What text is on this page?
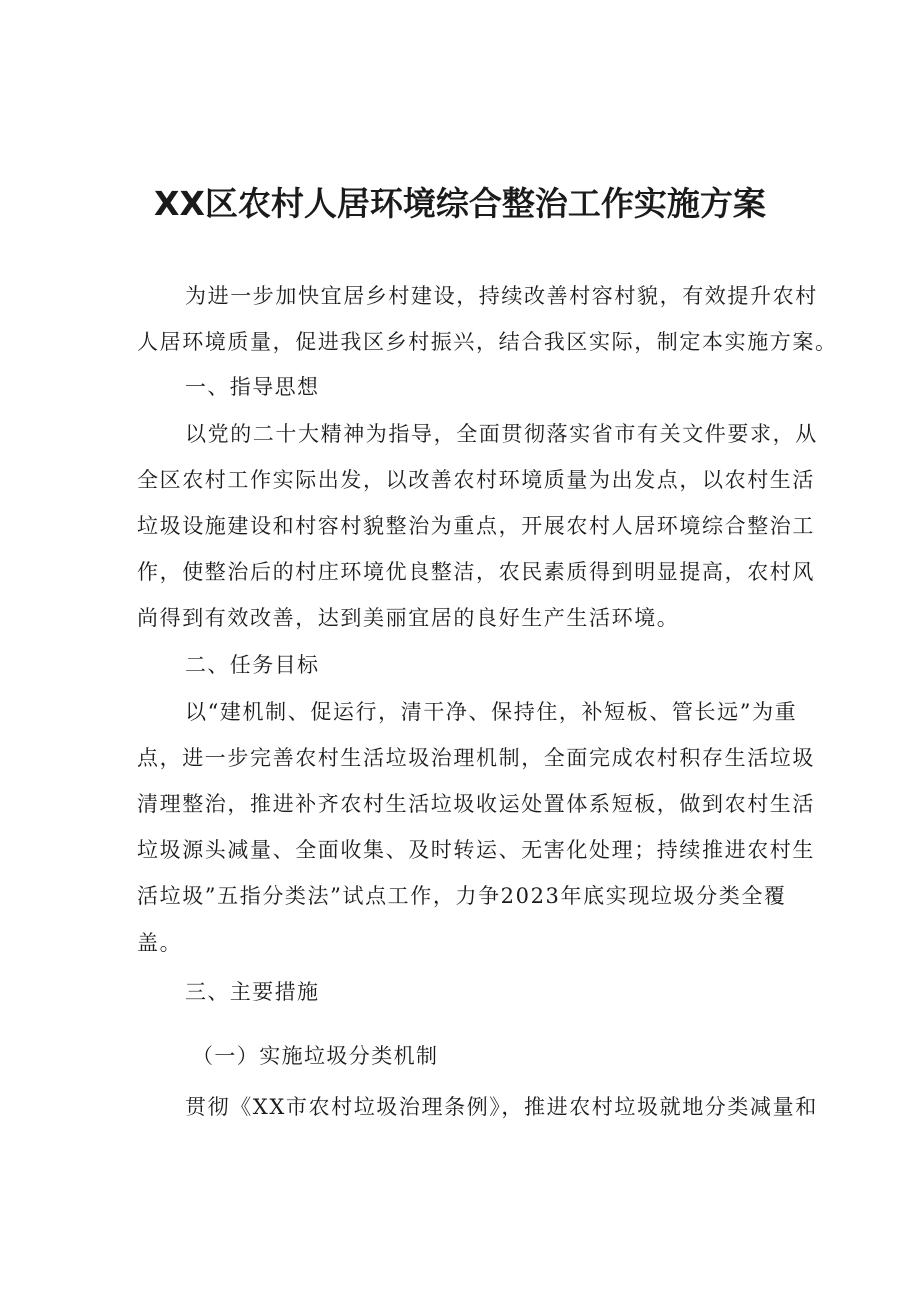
XX区农村人居环境综合整治工作实施方案

为进一步加快宜居乡村建设，持续改善村容村貌，有效提升农村

人居环境质量，促进我区乡村振兴，结合我区实际，制定本实施方案。

一、指导思想

以党的二十大精神为指导，全面贯彻落实省市有关文件要求，从

全区农村工作实际出发，以改善农村环境质量为出发点，以农村生活

垃圾设施建设和村容村貌整治为重点，开展农村人居环境综合整治工

作，使整治后的村庄环境优良整洁，农民素质得到明显提高，农村风

尚得到有效改善，达到美丽宜居的良好生产生活环境。

二、任务目标

以“建机制、促运行，清干净、保持住，补短板、管长远”为重

点，进一步完善农村生活垃圾治理机制，全面完成农村积存生活垃圾

清理整治，推进补齐农村生活垃圾收运处置体系短板，做到农村生活

垃圾源头减量、全面收集、及时转运、无害化处理；持续推进农村生

活垃圾”五指分类法”试点工作，力争2023年底实现垃圾分类全覆

盖。

三、主要措施

（一）实施垃圾分类机制

贯彻《XX市农村垃圾治理条例》，推进农村垃圾就地分类减量和
